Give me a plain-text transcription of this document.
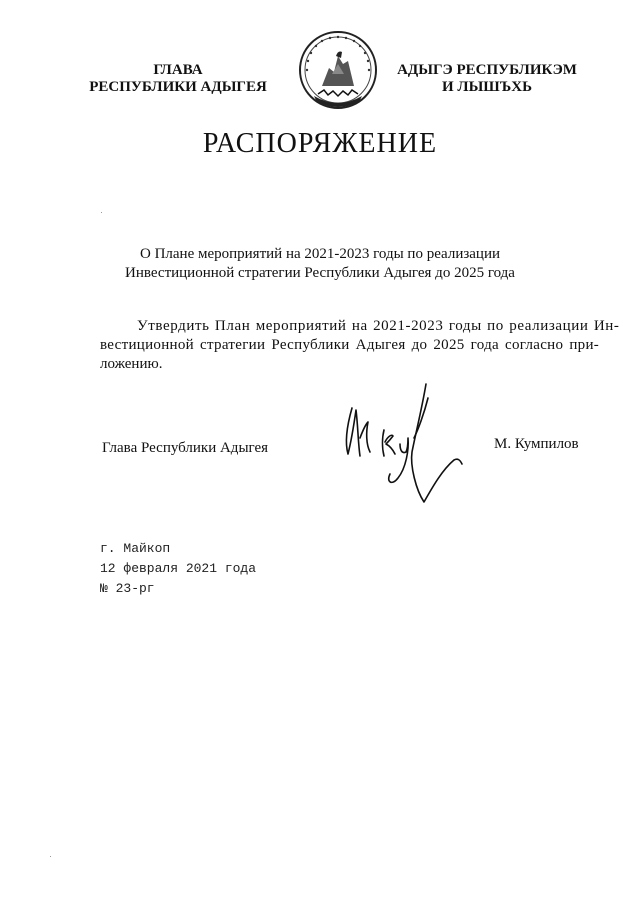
ГЛАВА
РЕСПУБЛИКИ АДЫГЕЯ
АДЫГЭ РЕСПУБЛИКЭМ
И ЛЫШЪХЬ
РАСПОРЯЖЕНИЕ
О Плане мероприятий на 2021-2023 годы по реализации
Инвестиционной стратегии Республики Адыгея до 2025 года
Утвердить План мероприятий на 2021-2023 годы по реализации Ин-
вестиционной стратегии Республики Адыгея до 2025 года согласно при-
ложению.
Глава Республики Адыгея	М. Кумпилов
г. Майкоп
12 февраля 2021 года
№ 23-рг
